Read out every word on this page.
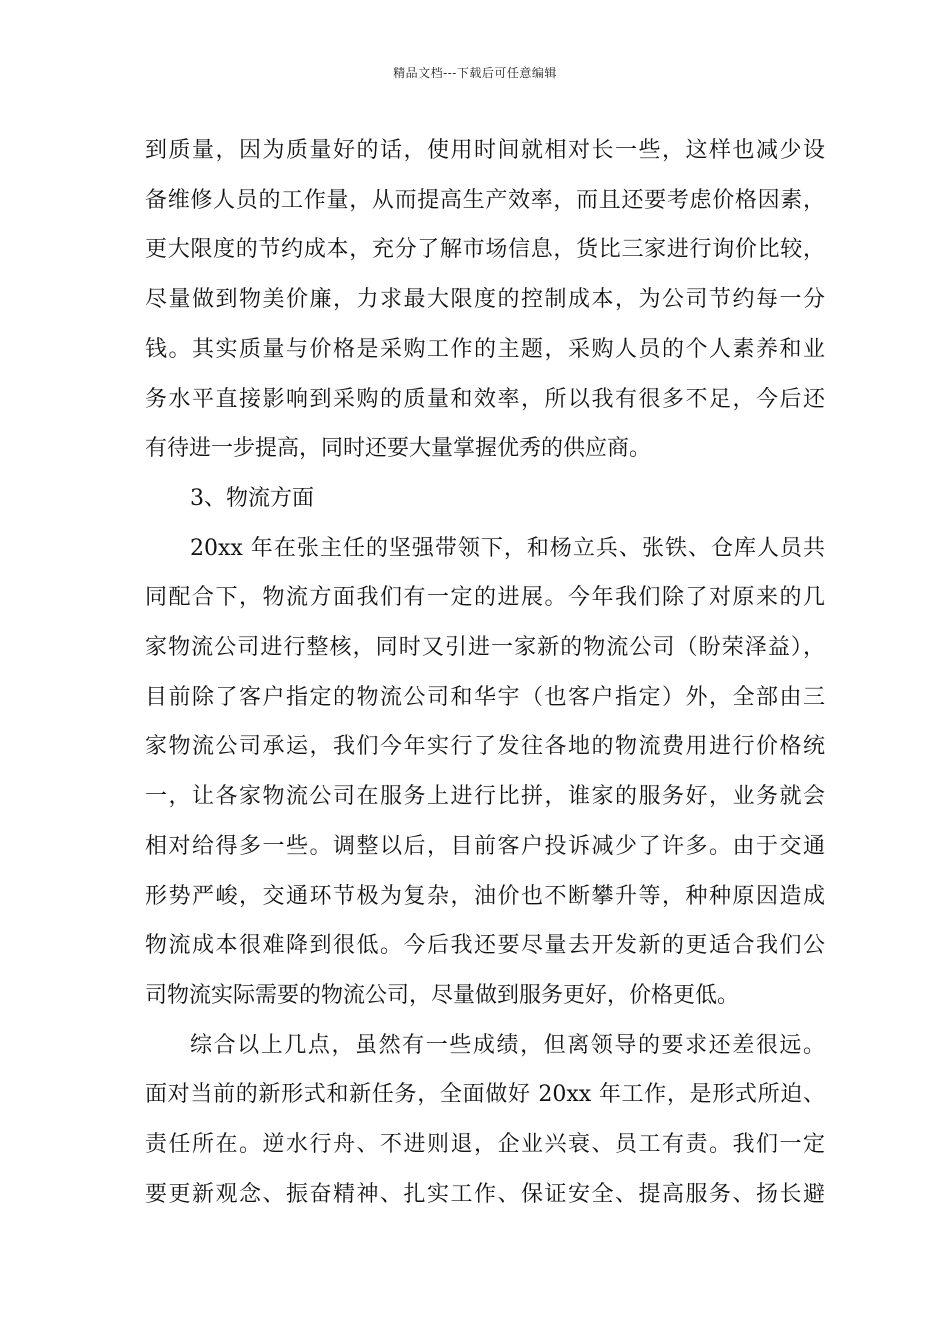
精品文档---下载后可任意编辑
到质量，因为质量好的话，使用时间就相对长一些，这样也减少设
备维修人员的工作量，从而提高生产效率，而且还要考虑价格因素，
更大限度的节约成本，充分了解市场信息，货比三家进行询价比较，
尽量做到物美价廉，力求最大限度的控制成本，为公司节约每一分
钱。其实质量与价格是采购工作的主题，采购人员的个人素养和业
务水平直接影响到采购的质量和效率，所以我有很多不足，今后还
有待进一步提高，同时还要大量掌握优秀的供应商。
3、物流方面
20xx 年在张主任的坚强带领下，和杨立兵、张铁、仓库人员共
同配合下，物流方面我们有一定的进展。今年我们除了对原来的几
家物流公司进行整核，同时又引进一家新的物流公司（盼荣泽益），
目前除了客户指定的物流公司和华宇（也客户指定）外，全部由三
家物流公司承运，我们今年实行了发往各地的物流费用进行价格统
一，让各家物流公司在服务上进行比拼，谁家的服务好，业务就会
相对给得多一些。调整以后，目前客户投诉减少了许多。由于交通
形势严峻，交通环节极为复杂，油价也不断攀升等，种种原因造成
物流成本很难降到很低。今后我还要尽量去开发新的更适合我们公
司物流实际需要的物流公司，尽量做到服务更好，价格更低。
综合以上几点，虽然有一些成绩，但离领导的要求还差很远。
面对当前的新形式和新任务，全面做好 20xx 年工作，是形式所迫、
责任所在。逆水行舟、不进则退，企业兴衰、员工有责。我们一定
要更新观念、振奋精神、扎实工作、保证安全、提高服务、扬长避
